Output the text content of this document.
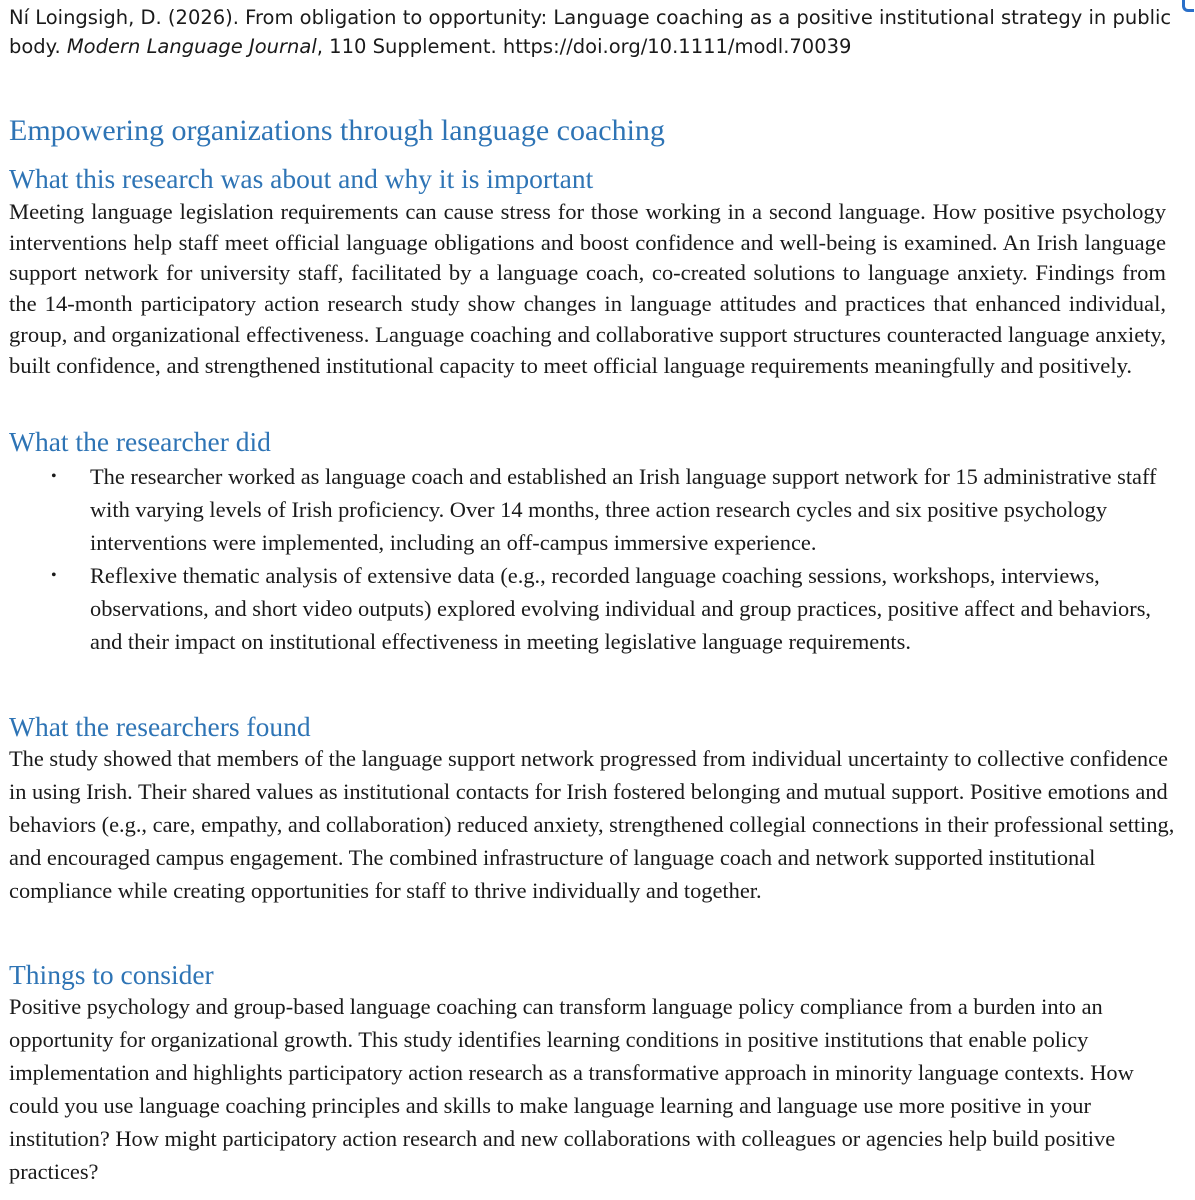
Ní Loingsigh, D. (2026). From obligation to opportunity: Language coaching as a positive institutional strategy in public body. Modern Language Journal, 110 Supplement. https://doi.org/10.1111/modl.70039
Empowering organizations through language coaching
What this research was about and why it is important
Meeting language legislation requirements can cause stress for those working in a second language. How positive psychology interventions help staff meet official language obligations and boost confidence and well-being is examined. An Irish language support network for university staff, facilitated by a language coach, co-created solutions to language anxiety. Findings from the 14-month participatory action research study show changes in language attitudes and practices that enhanced individual, group, and organizational effectiveness. Language coaching and collaborative support structures counteracted language anxiety, built confidence, and strengthened institutional capacity to meet official language requirements meaningfully and positively.
What the researcher did
• The researcher worked as language coach and established an Irish language support network for 15 administrative staff with varying levels of Irish proficiency. Over 14 months, three action research cycles and six positive psychology interventions were implemented, including an off-campus immersive experience.
• Reflexive thematic analysis of extensive data (e.g., recorded language coaching sessions, workshops, interviews, observations, and short video outputs) explored evolving individual and group practices, positive affect and behaviors, and their impact on institutional effectiveness in meeting legislative language requirements.
What the researchers found
The study showed that members of the language support network progressed from individual uncertainty to collective confidence in using Irish. Their shared values as institutional contacts for Irish fostered belonging and mutual support. Positive emotions and behaviors (e.g., care, empathy, and collaboration) reduced anxiety, strengthened collegial connections in their professional setting, and encouraged campus engagement. The combined infrastructure of language coach and network supported institutional compliance while creating opportunities for staff to thrive individually and together.
Things to consider
Positive psychology and group-based language coaching can transform language policy compliance from a burden into an opportunity for organizational growth. This study identifies learning conditions in positive institutions that enable policy implementation and highlights participatory action research as a transformative approach in minority language contexts. How could you use language coaching principles and skills to make language learning and language use more positive in your institution? How might participatory action research and new collaborations with colleagues or agencies help build positive practices?
